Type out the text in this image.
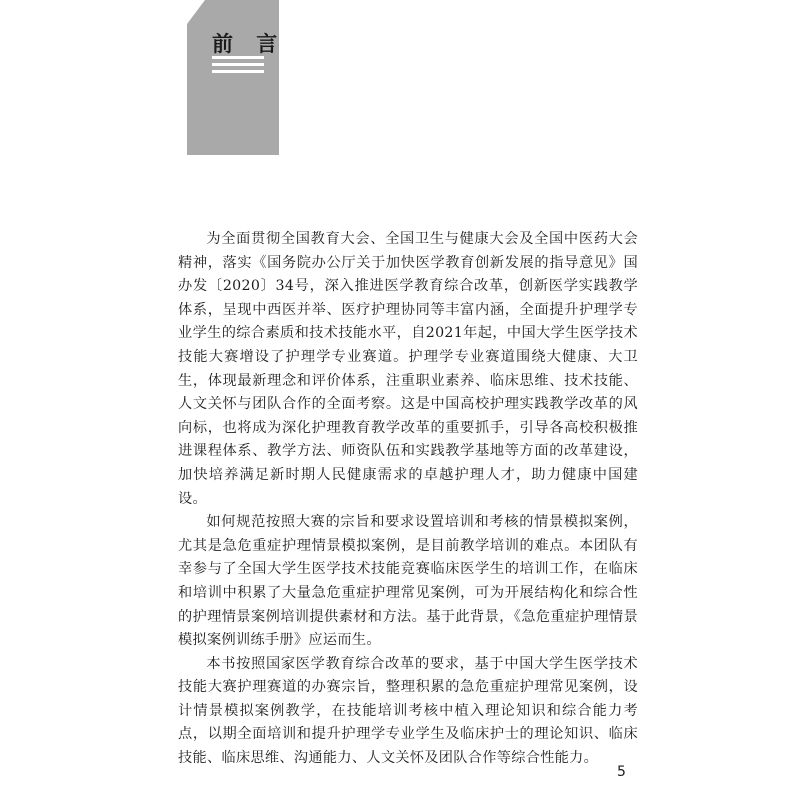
前 言

为全面贯彻全国教育大会、全国卫生与健康大会及全国中医药大会精神，落实《国务院办公厅关于加快医学教育创新发展的指导意见》国办发〔2020〕34号，深入推进医学教育综合改革，创新医学实践教学体系，呈现中西医并举、医疗护理协同等丰富内涵，全面提升护理学专业学生的综合素质和技术技能水平，自2021年起，中国大学生医学技术技能大赛增设了护理学专业赛道。护理学专业赛道围绕大健康、大卫生，体现最新理念和评价体系，注重职业素养、临床思维、技术技能、人文关怀与团队合作的全面考察。这是中国高校护理实践教学改革的风向标，也将成为深化护理教育教学改革的重要抓手，引导各高校积极推进课程体系、教学方法、师资队伍和实践教学基地等方面的改革建设，加快培养满足新时期人民健康需求的卓越护理人才，助力健康中国建设。

如何规范按照大赛的宗旨和要求设置培训和考核的情景模拟案例，尤其是急危重症护理情景模拟案例，是目前教学培训的难点。本团队有幸参与了全国大学生医学技术技能竞赛临床医学生的培训工作，在临床和培训中积累了大量急危重症护理常见案例，可为开展结构化和综合性的护理情景案例培训提供素材和方法。基于此背景，《急危重症护理情景模拟案例训练手册》应运而生。

本书按照国家医学教育综合改革的要求，基于中国大学生医学技术技能大赛护理赛道的办赛宗旨，整理积累的急危重症护理常见案例，设计情景模拟案例教学，在技能培训考核中植入理论知识和综合能力考点，以期全面培训和提升护理学专业学生及临床护士的理论知识、临床技能、临床思维、沟通能力、人文关怀及团队合作等综合性能力。

5
